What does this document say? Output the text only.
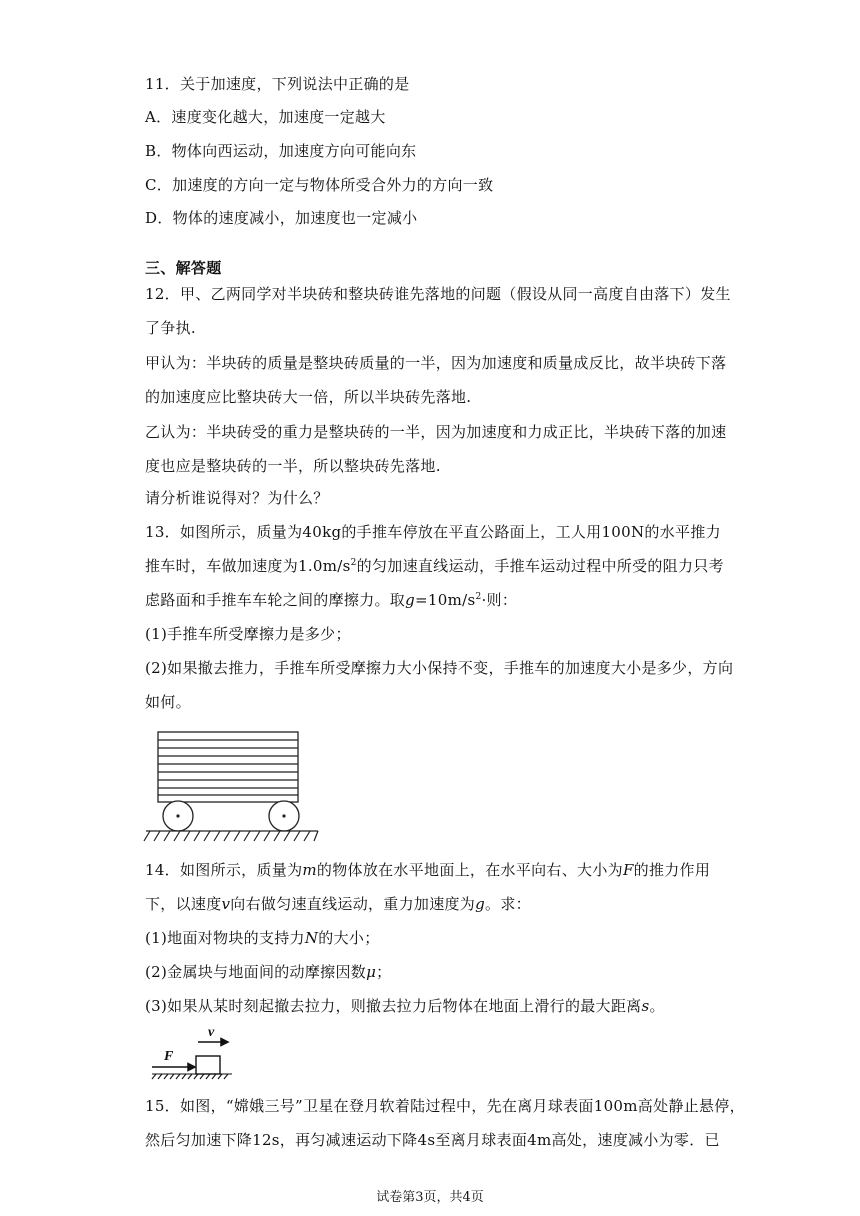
11．关于加速度，下列说法中正确的是
A．速度变化越大，加速度一定越大
B．物体向西运动，加速度方向可能向东
C．加速度的方向一定与物体所受合外力的方向一致
D．物体的速度减小，加速度也一定减小
三、解答题
12．甲、乙两同学对半块砖和整块砖谁先落地的问题（假设从同一高度自由落下）发生
了争执.
甲认为：半块砖的质量是整块砖质量的一半，因为加速度和质量成反比，故半块砖下落
的加速度应比整块砖大一倍，所以半块砖先落地.
乙认为：半块砖受的重力是整块砖的一半，因为加速度和力成正比，半块砖下落的加速
度也应是整块砖的一半，所以整块砖先落地.
请分析谁说得对？为什么？
13．如图所示，质量为40kg的手推车停放在平直公路面上，工人用100N的水平推力
推车时，车做加速度为$1.0m/s^2$的匀加速直线运动，手推车运动过程中所受的阻力只考
虑路面和手推车车轮之间的摩擦力。取$g=10m/s^2\cdot$则：
(1)手推车所受摩擦力是多少；
(2)如果撤去推力，手推车所受摩擦力大小保持不变，手推车的加速度大小是多少，方向
如何。
14．如图所示，质量为m的物体放在水平地面上，在水平向右、大小为F的推力作用
下，以速度v向右做匀速直线运动，重力加速度为g。求：
(1)地面对物块的支持力N的大小；
(2)金属块与地面间的动摩擦因数μ；
(3)如果从某时刻起撤去拉力，则撤去拉力后物体在地面上滑行的最大距离s。
v
F
15．如图，“嫦娥三号”卫星在登月软着陆过程中，先在离月球表面100m高处静止悬停，
然后匀加速下降12s，再匀减速运动下降4s至离月球表面4m高处，速度减小为零．已
试卷第3页，共4页
